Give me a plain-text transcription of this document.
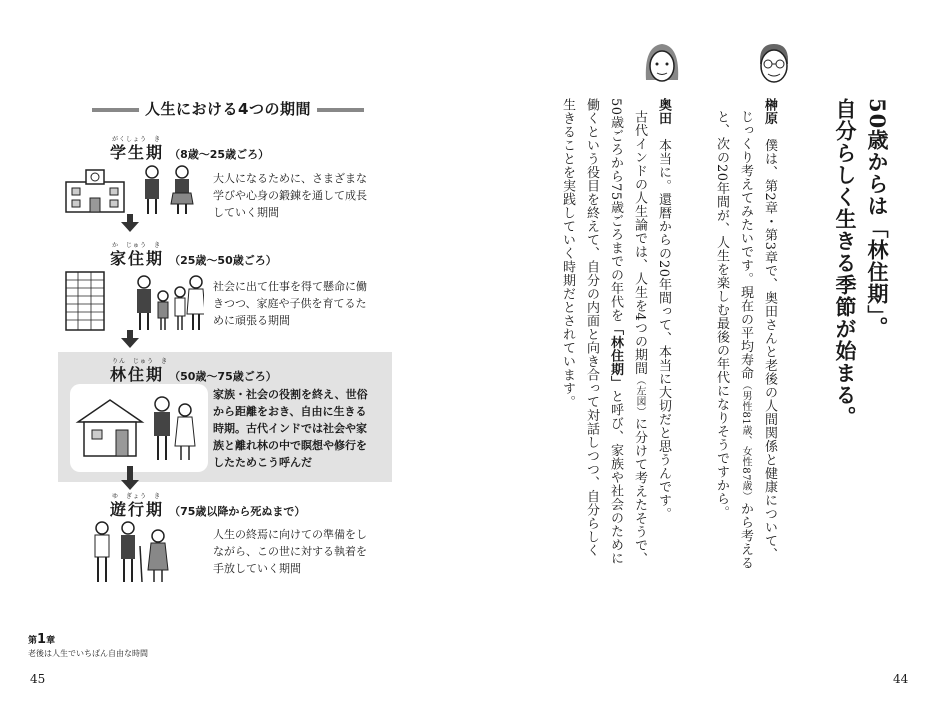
人生における4つの期間
がくしょう　き
学生期 （8歳〜25歳ごろ）
大人になるために、さまざまな
学びや心身の鍛錬を通して成長
していく期間
か　じゅう　き
家住期 （25歳〜50歳ごろ）
社会に出て仕事を得て懸命に働
きつつ、家庭や子供を育てるた
めに頑張る期間
りん　じゅう　き
林住期 （50歳〜75歳ごろ）
家族・社会の役割を終え、世俗
から距離をおき、自由に生きる
時期。古代インドでは社会や家
族と離れ林の中で瞑想や修行を
したためこう呼んだ
ゆ　ぎょう　き
遊行期 （75歳以降から死ぬまで）
人生の終焉に向けての準備をし
ながら、この世に対する執着を
手放していく期間
第1章
老後は人生でいちばん自由な時間
45
50歳からは「林住期」。
自分らしく生きる季節が始まる。
榊原　僕は、第2章・第3章で、奥田さんと老後の人間関係と健康について、
じっくり考えてみたいです。現在の平均寿命（男性81歳、女性87歳）から考える
と、次の20年間が、人生を楽しむ最後の年代になりそうですから。
奥田　本当に。還暦からの20年間って、本当に大切だと思うんです。
古代インドの人生論では、人生を4つの期間（左図）に分けて考えたそうで、
50歳ごろから75歳ごろまでの年代を「林住期」と呼び、家族や社会のために
働くという役目を終えて、自分の内面と向き合って対話しつつ、自分らしく
生きることを実践していく時期だとされています。
44
